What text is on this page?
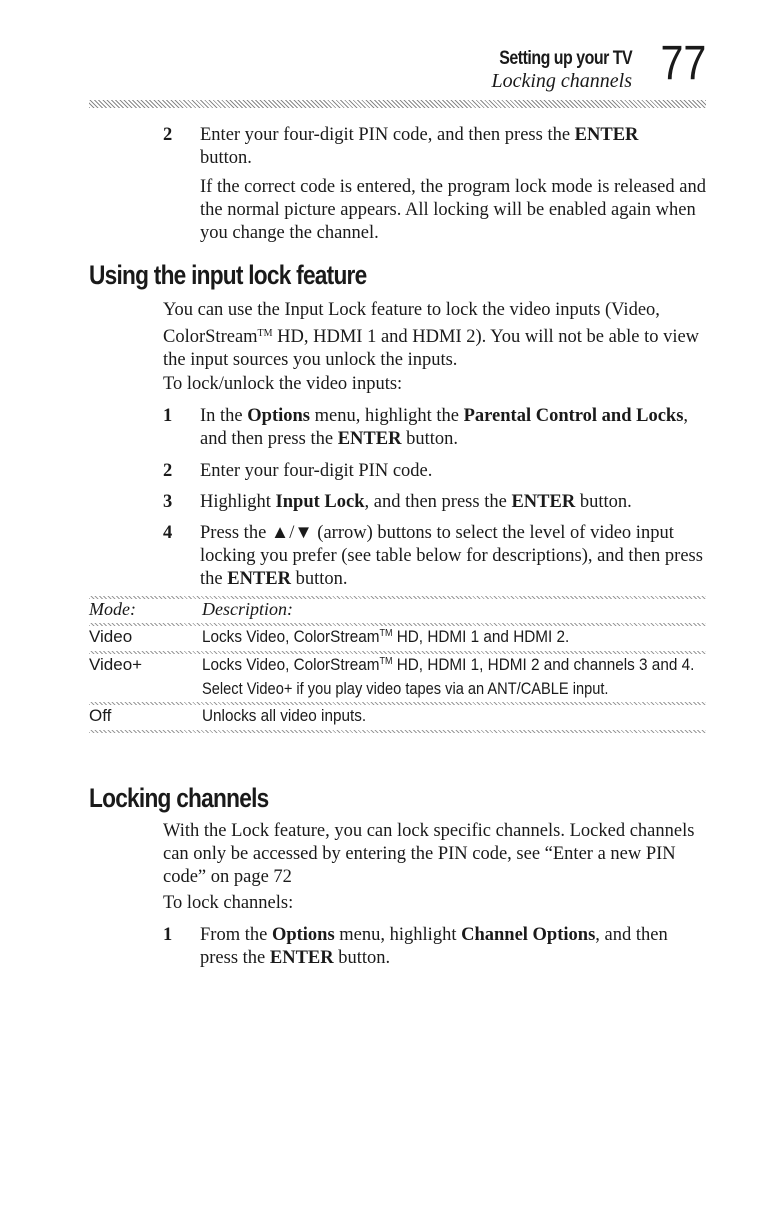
Setting up your TV
Locking channels 77
2 Enter your four-digit PIN code, and then press the ENTER
button.

If the correct code is entered, the program lock mode is released and the normal picture appears. All locking will be enabled again when you change the channel.

Using the input lock feature

You can use the Input Lock feature to lock the video inputs (Video, ColorStream™ HD, HDMI 1 and HDMI 2). You will not be able to view the input sources you unlock the inputs.

To lock/unlock the video inputs:

1 In the Options menu, highlight the Parental Control and Locks, and then press the ENTER button.
2 Enter your four-digit PIN code.
3 Highlight Input Lock, and then press the ENTER button.
4 Press the ▲/▼ (arrow) buttons to select the level of video input locking you prefer (see table below for descriptions), and then press the ENTER button.
Mode:	Description:
Video	Locks Video, ColorStream™ HD, HDMI 1 and HDMI 2.
Video+	Locks Video, ColorStream™ HD, HDMI 1, HDMI 2 and channels 3 and 4.
Select Video+ if you play video tapes via an ANT/CABLE input.
Off	Unlocks all video inputs.
Locking channels

With the Lock feature, you can lock specific channels. Locked channels can only be accessed by entering the PIN code, see “Enter a new PIN code” on page 72

To lock channels:

1 From the Options menu, highlight Channel Options, and then press the ENTER button.
